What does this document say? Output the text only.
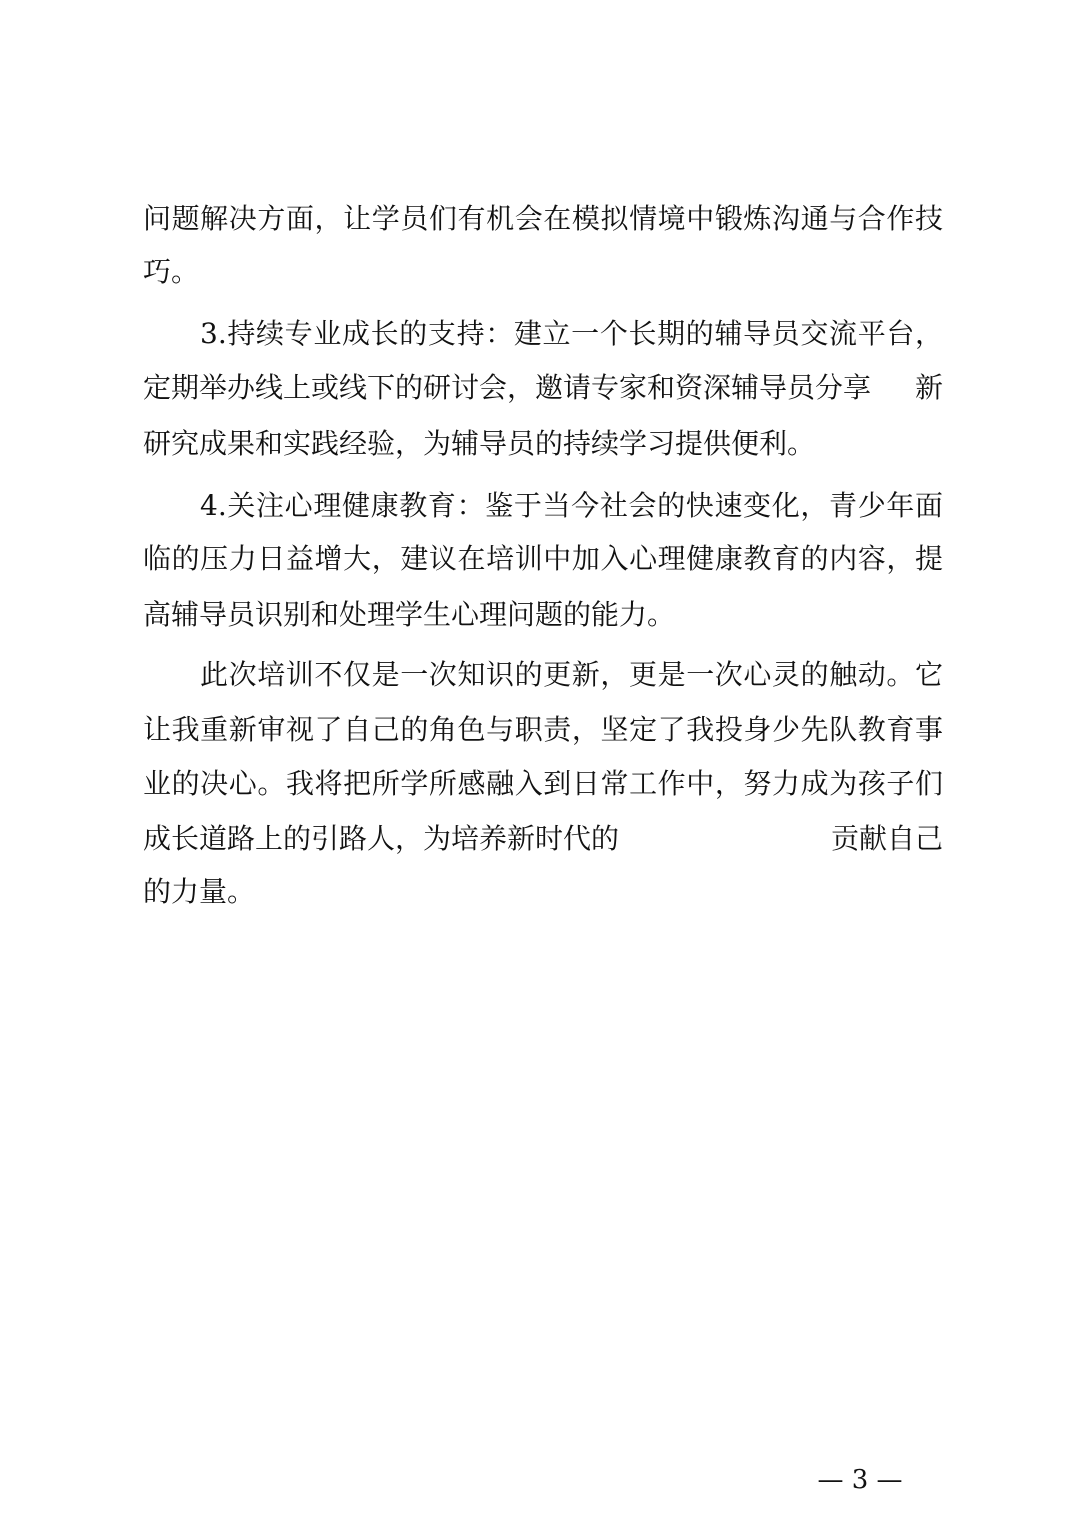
问题解决方面，让学员们有机会在模拟情境中锻炼沟通与合作技
巧。
3.持续专业成长的支持：建立一个长期的辅导员交流平台，
定期举办线上或线下的研讨会，邀请专家和资深辅导员分享 新
研究成果和实践经验，为辅导员的持续学习提供便利。
4.关注心理健康教育：鉴于当今社会的快速变化，青少年面
临的压力日益增大，建议在培训中加入心理健康教育的内容，提
高辅导员识别和处理学生心理问题的能力。
此次培训不仅是一次知识的更新，更是一次心灵的触动。它
让我重新审视了自己的角色与职责，坚定了我投身少先队教育事
业的决心。我将把所学所感融入到日常工作中，努力成为孩子们
成长道路上的引路人，为培养新时代的	贡献自己
的力量。
— 3 —
